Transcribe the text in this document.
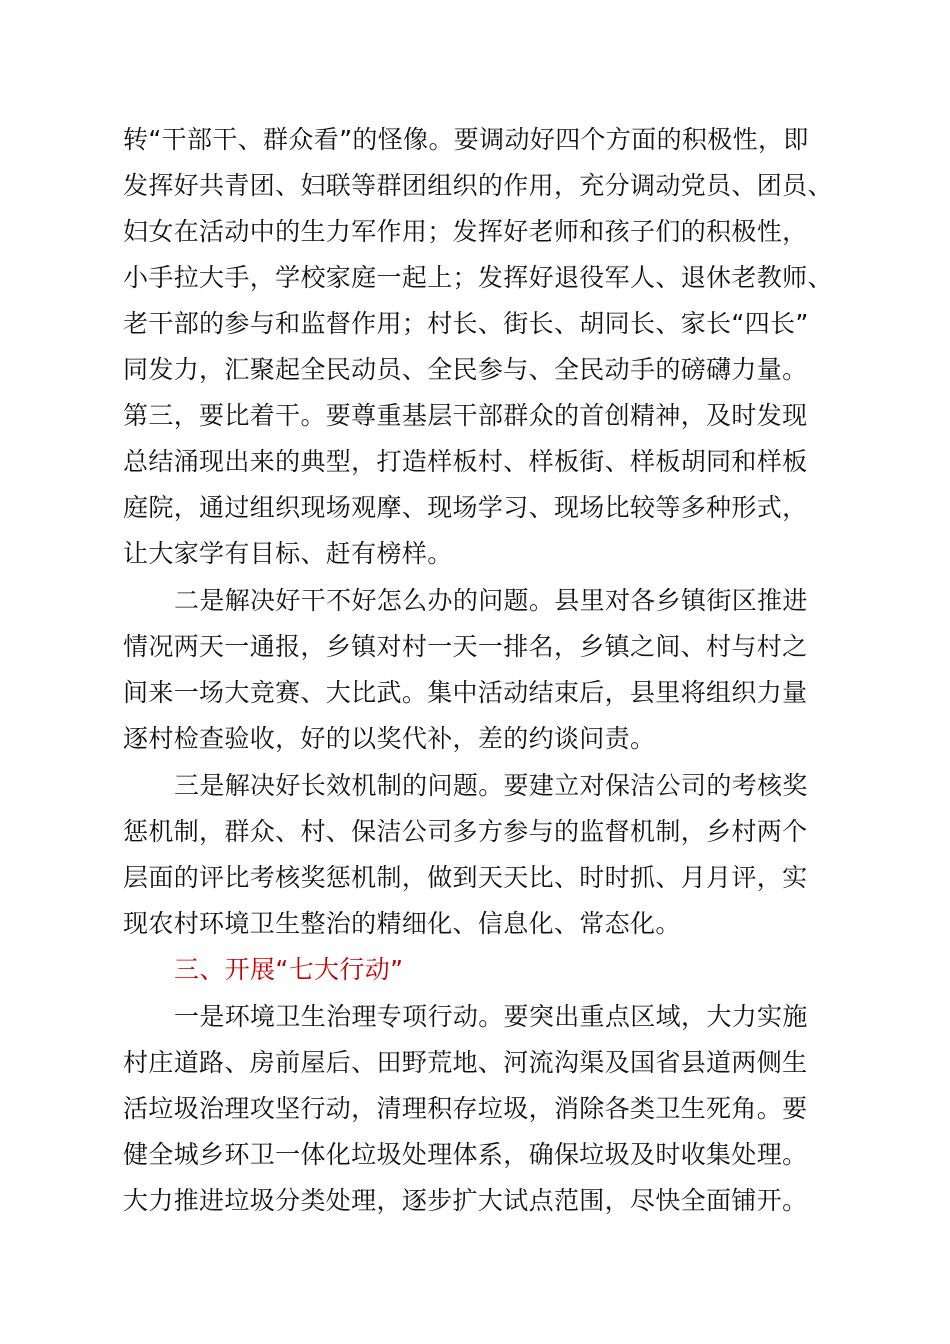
转“干部干、群众看”的怪像。要调动好四个方面的积极性，即
发挥好共青团、妇联等群团组织的作用，充分调动党员、团员、
妇女在活动中的生力军作用；发挥好老师和孩子们的积极性，
小手拉大手，学校家庭一起上；发挥好退役军人、退休老教师、
老干部的参与和监督作用；村长、街长、胡同长、家长“四长”
同发力，汇聚起全民动员、全民参与、全民动手的磅礴力量。
第三，要比着干。要尊重基层干部群众的首创精神，及时发现
总结涌现出来的典型，打造样板村、样板街、样板胡同和样板
庭院，通过组织现场观摩、现场学习、现场比较等多种形式，
让大家学有目标、赶有榜样。
二是解决好干不好怎么办的问题。县里对各乡镇街区推进
情况两天一通报，乡镇对村一天一排名，乡镇之间、村与村之
间来一场大竞赛、大比武。集中活动结束后，县里将组织力量
逐村检查验收，好的以奖代补，差的约谈问责。
三是解决好长效机制的问题。要建立对保洁公司的考核奖
惩机制，群众、村、保洁公司多方参与的监督机制，乡村两个
层面的评比考核奖惩机制，做到天天比、时时抓、月月评，实
现农村环境卫生整治的精细化、信息化、常态化。
三、开展“七大行动”
一是环境卫生治理专项行动。要突出重点区域，大力实施
村庄道路、房前屋后、田野荒地、河流沟渠及国省县道两侧生
活垃圾治理攻坚行动，清理积存垃圾，消除各类卫生死角。要
健全城乡环卫一体化垃圾处理体系，确保垃圾及时收集处理。
大力推进垃圾分类处理，逐步扩大试点范围，尽快全面铺开。
